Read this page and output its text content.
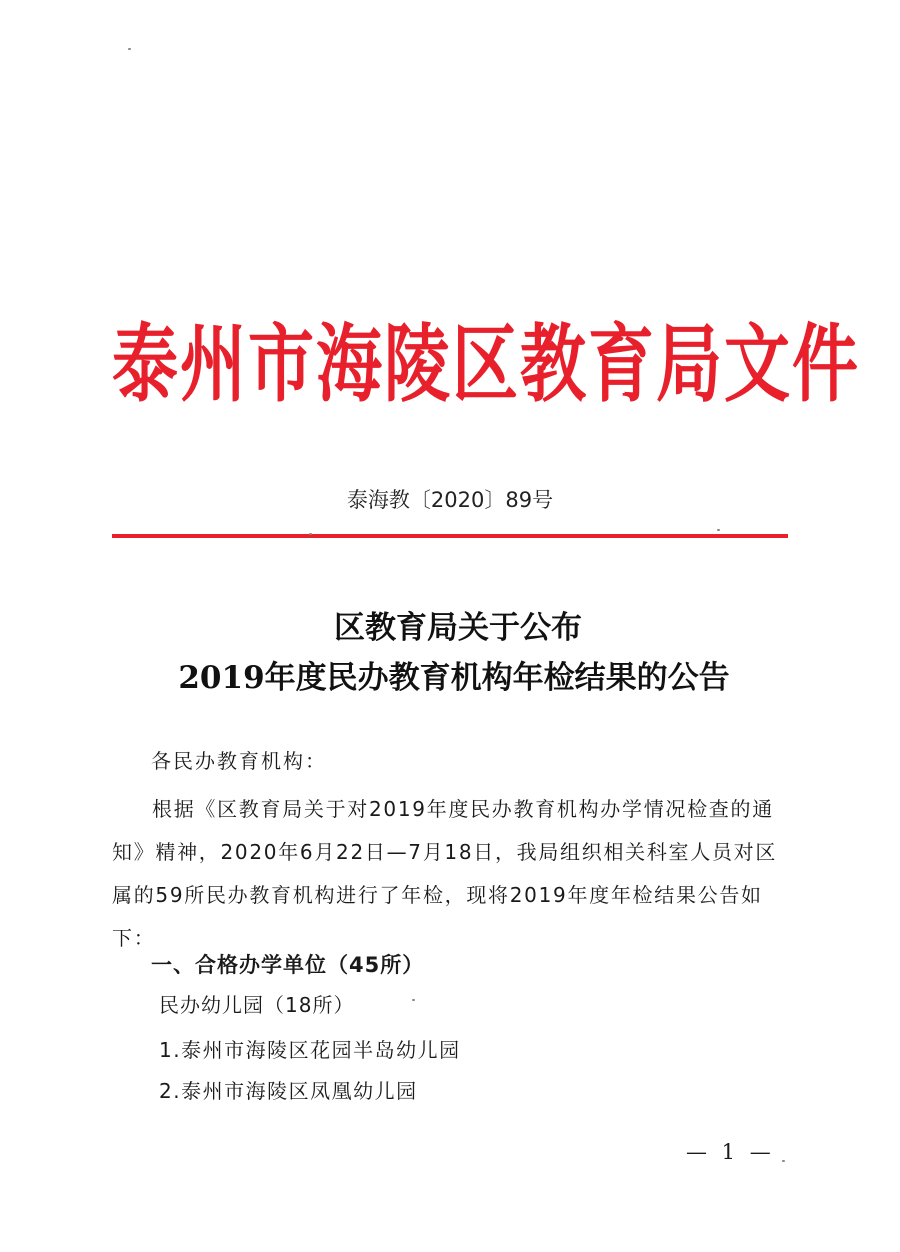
泰州市海陵区教育局文件
泰海教〔2020〕89号
区教育局关于公布
2019年度民办教育机构年检结果的公告
各民办教育机构：
根据《区教育局关于对2019年度民办教育机构办学情况检查的通知》精神，2020年6月22日—7月18日，我局组织相关科室人员对区属的59所民办教育机构进行了年检，现将2019年度年检结果公告如下：
一、合格办学单位（45所）
民办幼儿园（18所）
1.泰州市海陵区花园半岛幼儿园
2.泰州市海陵区凤凰幼儿园
— 1 —
